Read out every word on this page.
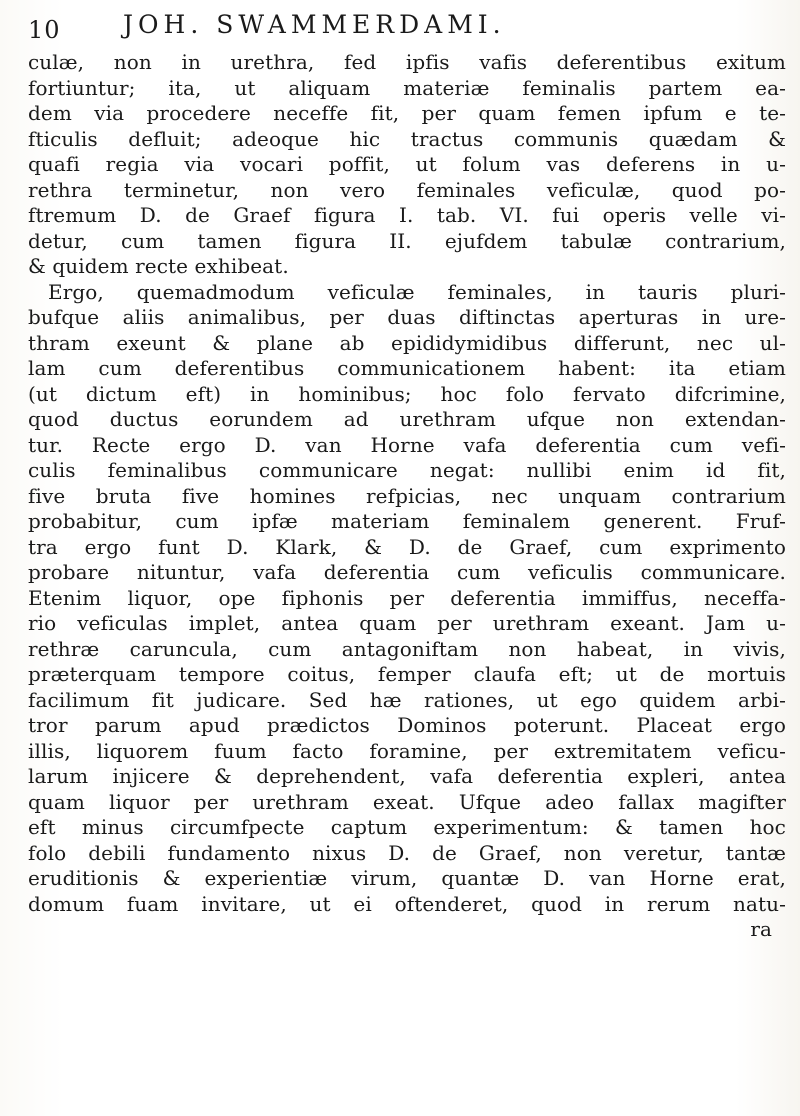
10 JOH. SWAMMERDAMI.
culæ, non in urethra, fed ipfis vafis deferentibus exitum
fortiuntur; ita, ut aliquam materiæ feminalis partem ea-
dem via procedere neceffe fit, per quam femen ipfum e te-
fticulis defluit; adeoque hic tractus communis quædam &
quafi regia via vocari poffit, ut folum vas deferens in u-
rethra terminetur, non vero feminales veficulæ, quod po-
ftremum D. de Graef figura I. tab. VI. fui operis velle vi-
detur, cum tamen figura II. ejufdem tabulæ contrarium,
& quidem recte exhibeat.
Ergo, quemadmodum veficulæ feminales, in tauris pluri-
bufque aliis animalibus, per duas diftinctas aperturas in ure-
thram exeunt & plane ab epididymidibus differunt, nec ul-
lam cum deferentibus communicationem habent: ita etiam
(ut dictum eft) in hominibus; hoc folo fervato difcrimine,
quod ductus eorundem ad urethram ufque non extendan-
tur. Recte ergo D. van Horne vafa deferentia cum vefi-
culis feminalibus communicare negat: nullibi enim id fit,
five bruta five homines refpicias, nec unquam contrarium
probabitur, cum ipfæ materiam feminalem generent. Fruf-
tra ergo funt D. Klark, & D. de Graef, cum exprimento
probare nituntur, vafa deferentia cum veficulis communicare.
Etenim liquor, ope fiphonis per deferentia immiffus, neceffa-
rio veficulas implet, antea quam per urethram exeant. Jam u-
rethræ caruncula, cum antagoniftam non habeat, in vivis,
præterquam tempore coitus, femper claufa eft; ut de mortuis
facilimum fit judicare. Sed hæ rationes, ut ego quidem arbi-
tror parum apud prædictos Dominos poterunt. Placeat ergo
illis, liquorem fuum facto foramine, per extremitatem veficu-
larum injicere & deprehendent, vafa deferentia expleri, antea
quam liquor per urethram exeat. Ufque adeo fallax magifter
eft minus circumfpecte captum experimentum: & tamen hoc
folo debili fundamento nixus D. de Graef, non veretur, tantæ
eruditionis & experientiæ virum, quantæ D. van Horne erat,
domum fuam invitare, ut ei oftenderet, quod in rerum natu-
ra
